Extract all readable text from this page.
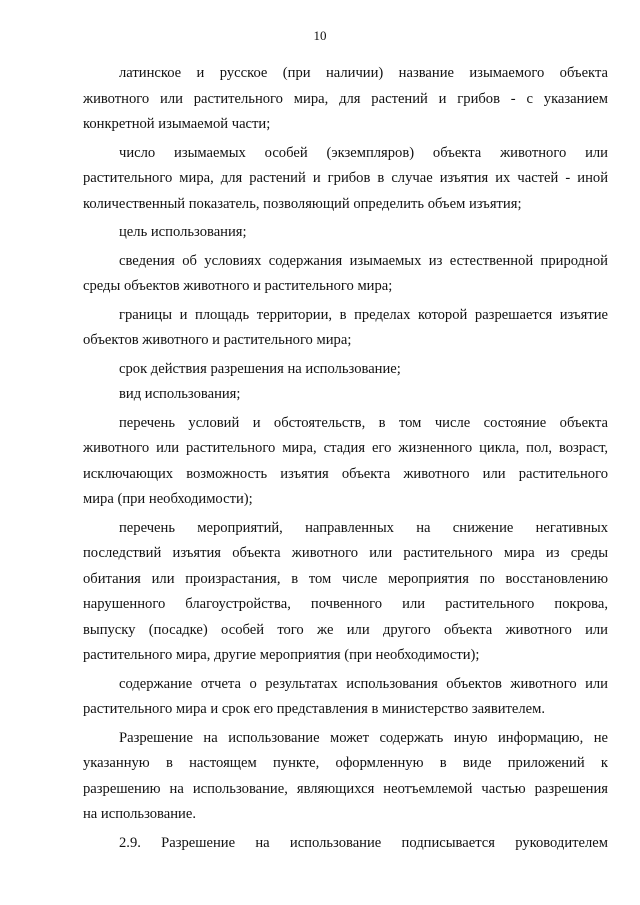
10

латинское и русское (при наличии) название изымаемого объекта
животного или растительного мира, для растений и грибов - с указанием
конкретной изымаемой части;

число изымаемых особей (экземпляров) объекта животного или
растительного мира, для растений и грибов в случае изъятия их частей - иной
количественный показатель, позволяющий определить объем изъятия;

цель использования;

сведения об условиях содержания изымаемых из естественной природной
среды объектов животного и растительного мира;

границы и площадь территории, в пределах которой разрешается изъятие
объектов животного и растительного мира;

срок действия разрешения на использование;

вид использования;

перечень условий и обстоятельств, в том числе состояние объекта
животного или растительного мира, стадия его жизненного цикла, пол, возраст,
исключающих возможность изъятия объекта животного или растительного
мира (при необходимости);

перечень мероприятий, направленных на снижение негативных
последствий изъятия объекта животного или растительного мира из среды
обитания или произрастания, в том числе мероприятия по восстановлению
нарушенного благоустройства, почвенного или растительного покрова,
выпуску (посадке) особей того же или другого объекта животного или
растительного мира, другие мероприятия (при необходимости);

содержание отчета о результатах использования объектов животного или
растительного мира и срок его представления в министерство заявителем.

Разрешение на использование может содержать иную информацию, не
указанную в настоящем пункте, оформленную в виде приложений к
разрешению на использование, являющихся неотъемлемой частью разрешения
на использование.

2.9. Разрешение на использование подписывается руководителем
